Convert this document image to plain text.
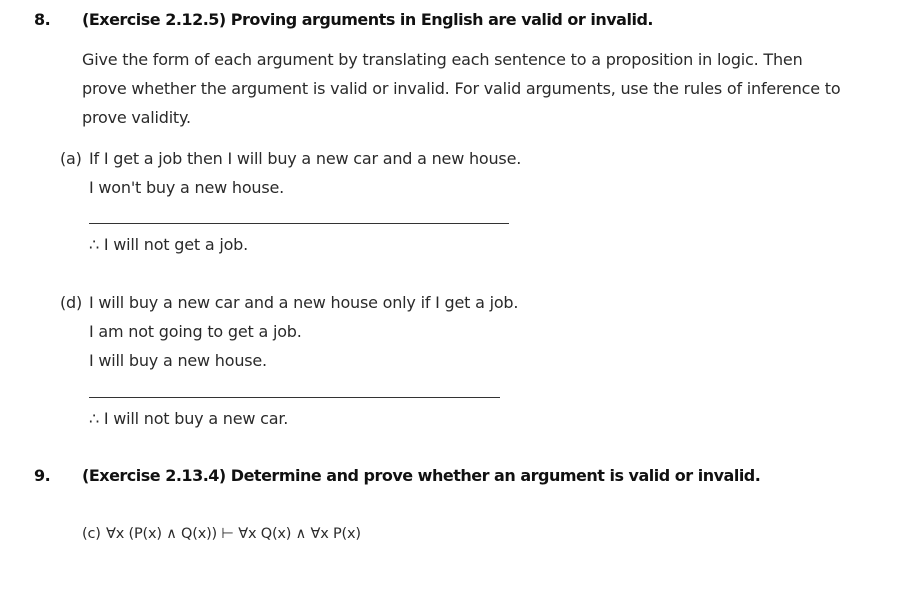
8. (Exercise 2.12.5) Proving arguments in English are valid or invalid.
Give the form of each argument by translating each sentence to a proposition in logic. Then
prove whether the argument is valid or invalid. For valid arguments, use the rules of inference to
prove validity.
(a) If I get a job then I will buy a new car and a new house.
I won't buy a new house.
∴ I will not get a job.
(d) I will buy a new car and a new house only if I get a job.
I am not going to get a job.
I will buy a new house.
∴ I will not buy a new car.
9. (Exercise 2.13.4) Determine and prove whether an argument is valid or invalid.
(c) ∀x (P(x) ∧ Q(x)) ⊢ ∀x Q(x) ∧ ∀x P(x)
